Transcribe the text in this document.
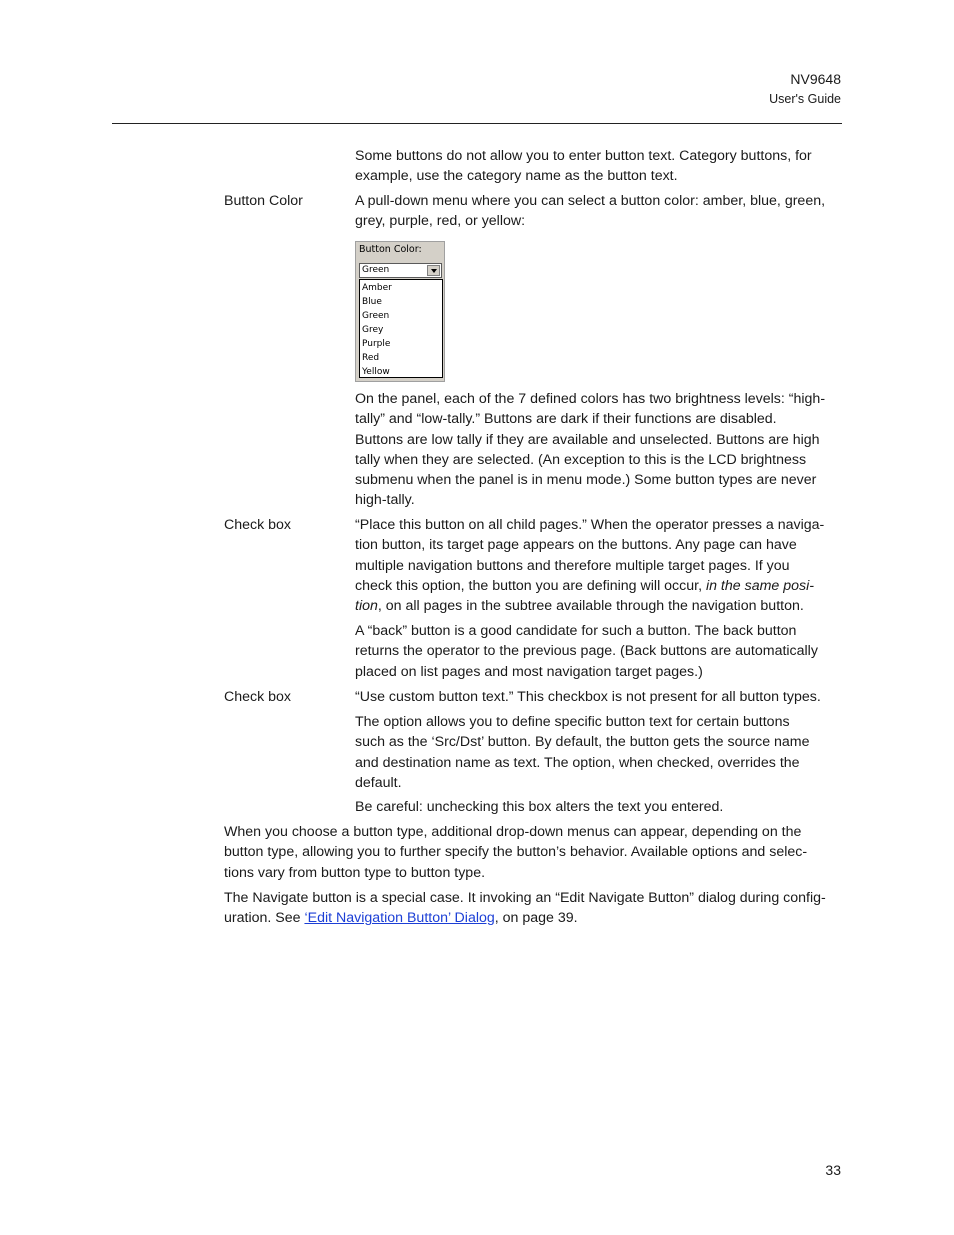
NV9648
User's Guide

Some buttons do not allow you to enter button text. Category buttons, for
example, use the category name as the button text.

Button Color	A pull-down menu where you can select a button color: amber, blue, green,
grey, purple, red, or yellow:

Button Color:
Green
Amber
Blue
Green
Grey
Purple
Red
Yellow

On the panel, each of the 7 defined colors has two brightness levels: “high-
tally” and “low-tally.” Buttons are dark if their functions are disabled.
Buttons are low tally if they are available and unselected. Buttons are high
tally when they are selected. (An exception to this is the LCD brightness
submenu when the panel is in menu mode.) Some button types are never
high-tally.

Check box	“Place this button on all child pages.” When the operator presses a naviga-
tion button, its target page appears on the buttons. Any page can have
multiple navigation buttons and therefore multiple target pages. If you
check this option, the button you are defining will occur, in the same posi-
tion, on all pages in the subtree available through the navigation button.

A “back” button is a good candidate for such a button. The back button
returns the operator to the previous page. (Back buttons are automatically
placed on list pages and most navigation target pages.)

Check box	“Use custom button text.” This checkbox is not present for all button types.

The option allows you to define specific button text for certain buttons
such as the ‘Src/Dst’ button. By default, the button gets the source name
and destination name as text. The option, when checked, overrides the
default.

Be careful: unchecking this box alters the text you entered.

When you choose a button type, additional drop-down menus can appear, depending on the
button type, allowing you to further specify the button’s behavior. Available options and selec-
tions vary from button type to button type.

The Navigate button is a special case. It invoking an “Edit Navigate Button” dialog during config-
uration. See ‘Edit Navigation Button’ Dialog, on page 39.

33
